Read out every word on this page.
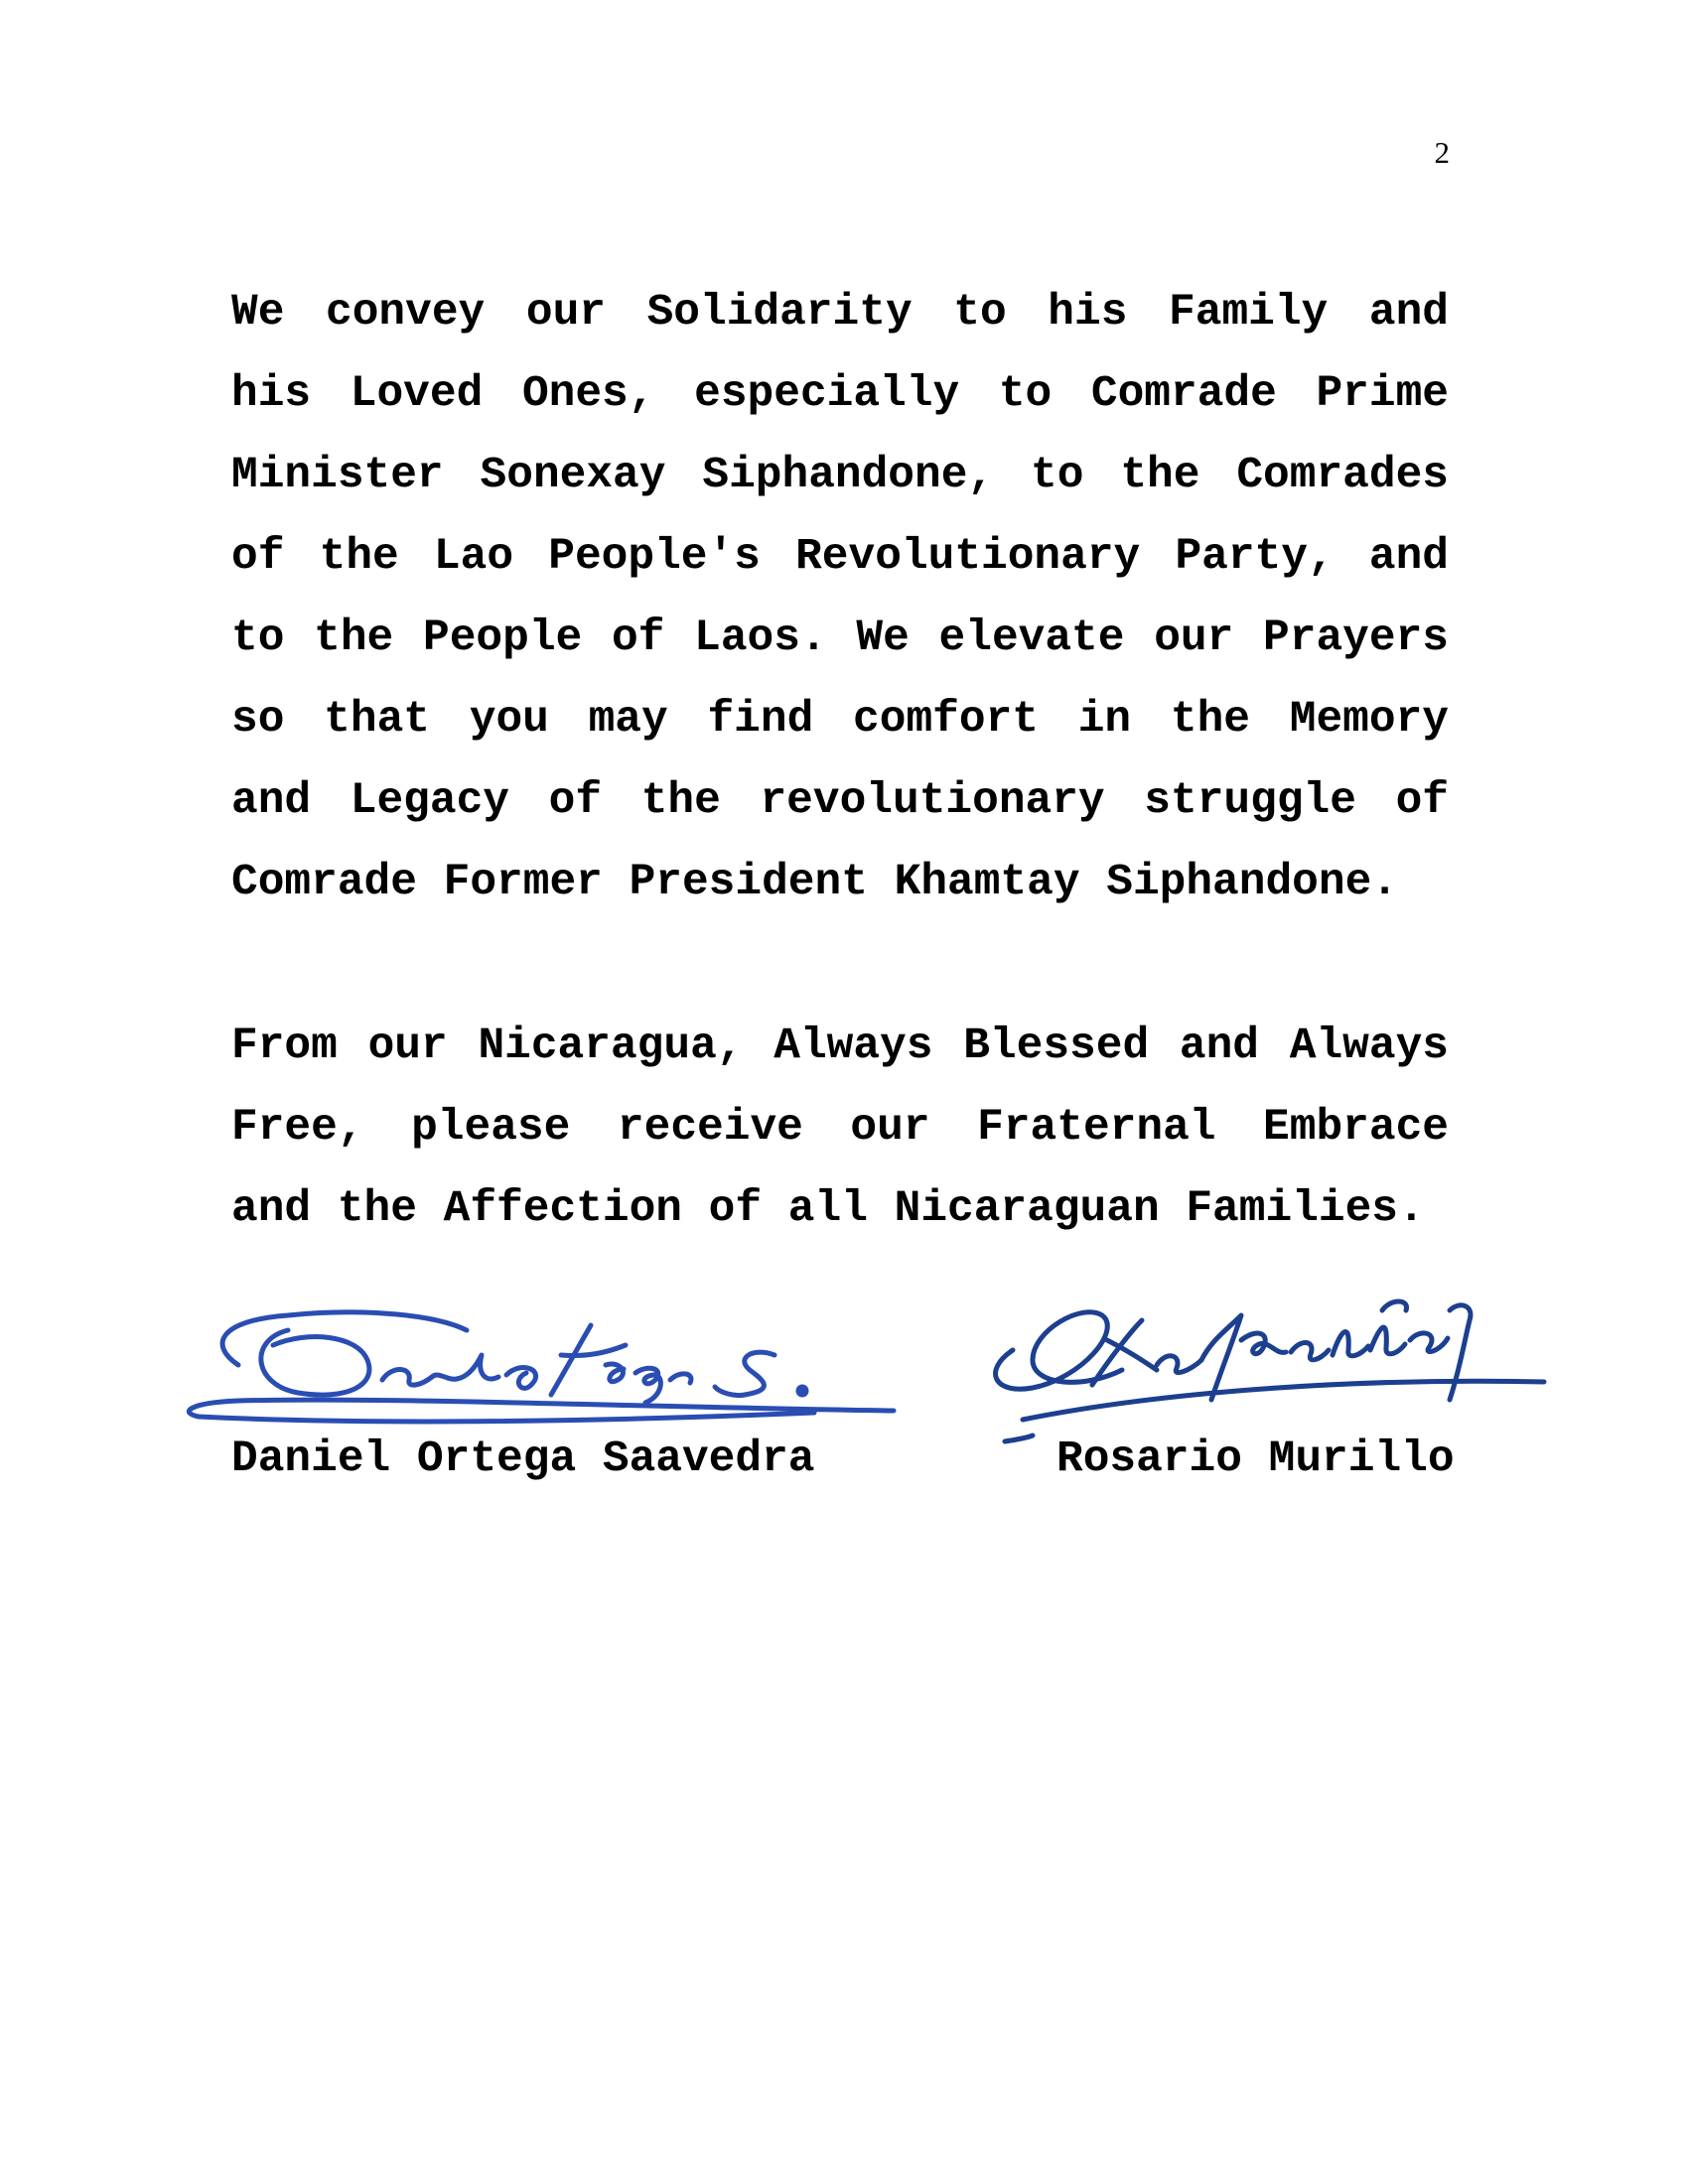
2

We convey our Solidarity to his Family and his Loved Ones, especially to Comrade Prime Minister Sonexay Siphandone, to the Comrades of the Lao People's Revolutionary Party, and to the People of Laos. We elevate our Prayers so that you may find comfort in the Memory and Legacy of the revolutionary struggle of Comrade Former President Khamtay Siphandone.

From our Nicaragua, Always Blessed and Always Free, please receive our Fraternal Embrace and the Affection of all Nicaraguan Families.

Daniel Ortega Saavedra	Rosario Murillo
